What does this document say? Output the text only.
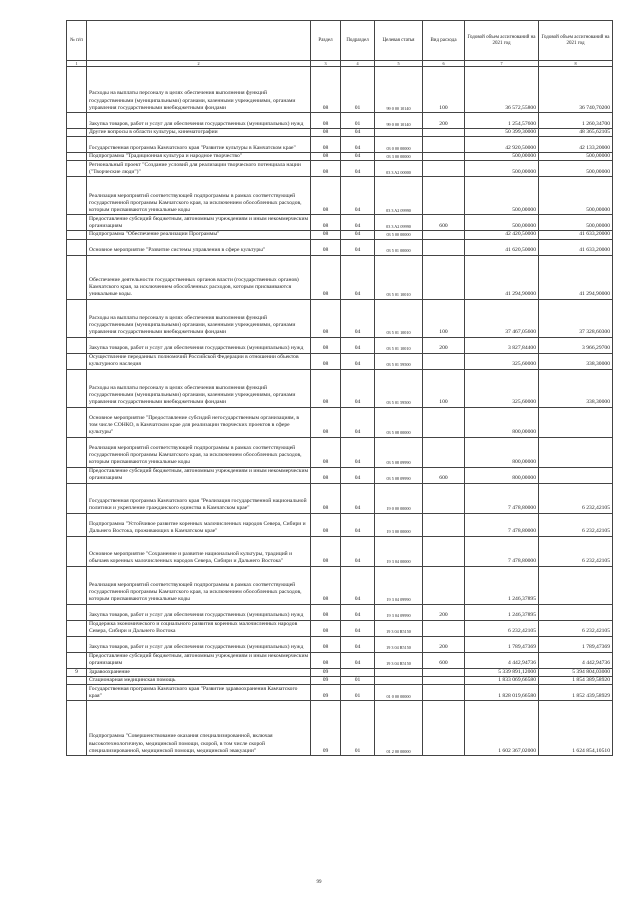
№ п/п		Раздел	Подраздел	Целевая статья	Вид расхода	Годовой объем ассигнований на 2021 год	Годовой объем ассигнований на 2021 год
1	2	3	4	5	6	7	8
	Расходы на выплаты персоналу в целях обеспечения выполнения функций государственными (муниципальными) органами, казенными учреждениями, органами управления государственными внебюджетными фондами	08	01	99 0 00 10140	100	36 572,55800	36 740,70200
	Закупка товаров, работ и услуг для обеспечения государственных (муниципальных) нужд	08	01	99 0 00 10140	200	1 254,57600	1 260,34700
	Другие вопросы в области культуры, кинематографии	08	04			50 399,30000	48 365,62105
	Государственная программа Камчатского края "Развитие культуры в Камчатском крае"	08	04	03 0 00 00000		42 920,50000	42 133,20000
	Подпрограмма "Традиционная культура и народное творчество"	08	04	03 3 00 00000		500,00000	500,00000
	Региональный проект "Создание условий для реализации творческого потенциала нации ("Творческие люди")"	08	04	03 3 A2 00000		500,00000	500,00000
	Реализация мероприятий соответствующей подпрограммы в рамках соответствующей государственной программы Камчатского края, за исключением обособленных расходов, которым присваиваются уникальные коды	08	04	03 3 A2 09990		500,00000	500,00000
	Предоставление субсидий бюджетным, автономным учреждениям и иным некоммерческим организациям	08	04	03 3 A2 09990	600	500,00000	500,00000
	Подпрограмма "Обеспечение реализации Программы"	08	04	03 5 00 00000		42 420,50000	41 633,20000
	Основное мероприятие "Развитие системы управления в сфере культуры"	08	04	03 5 01 00000		41 620,50000	41 633,20000
	Обеспечение деятельности государственных органов власти (государственных органов) Камчатского края, за исключением обособленных расходов, которым присваиваются уникальные коды.	08	04	03 5 01 10010		41 294,90000	41 294,90000
	Расходы на выплаты персоналу в целях обеспечения выполнения функций государственными (муниципальными) органами, казенными учреждениями, органами управления государственными внебюджетными фондами	08	04	03 5 01 10010	100	37 467,05600	37 328,60300
	Закупка товаров, работ и услуг для обеспечения государственных (муниципальных) нужд	08	04	03 5 01 10010	200	3 827,84400	3 966,29700
	Осуществление переданных полномочий Российской Федерации в отношении объектов культурного наследия	08	04	03 5 01 59500		325,60000	338,30000
	Расходы на выплаты персоналу в целях обеспечения выполнения функций государственными (муниципальными) органами, казенными учреждениями, органами управления государственными внебюджетными фондами	08	04	03 5 01 59500	100	325,60000	338,30000
	Основное мероприятие "Предоставление субсидий негосударственным организациям, в том числе СОНКО, в Камчатском крае для реализации творческих проектов в сфере культуры"	08	04	03 5 08 00000		800,00000	
	Реализация мероприятий соответствующей подпрограммы в рамках соответствующей государственной программы Камчатского края, за исключением обособленных расходов, которым присваиваются уникальные коды	08	04	03 5 08 09990		800,00000	
	Предоставление субсидий бюджетным, автономным учреждениям и иным некоммерческим организациям	08	04	03 5 08 09990	600	800,00000	
	Государственная программа Камчатского края "Реализация государственной национальной политики и укрепление гражданского единства в Камчатском крае"	08	04	19 0 00 00000		7 478,80000	6 232,42105
	Подпрограмма "Устойчивое развитие коренных малочисленных народов Севера, Сибири и Дальнего Востока, проживающих в Камчатском крае"	08	04	19 3 00 00000		7 478,80000	6 232,42105
	Основное мероприятие "Сохранение и развитие национальной культуры, традиций и обычаев коренных малочисленных народов Севера, Сибири и Дальнего Востока"	08	04	19 3 04 00000		7 478,80000	6 232,42105
	Реализация мероприятий соответствующей подпрограммы в рамках соответствующей государственной программы Камчатского края, за исключением обособленных расходов, которым присваиваются уникальные коды	08	04	19 3 04 09990		1 246,37895	
	Закупка товаров, работ и услуг для обеспечения государственных (муниципальных) нужд	08	04	19 3 04 09990	200	1 246,37895	
	Поддержка экономического и социального развития коренных малочисленных народов Севера, Сибири и Дальнего Востока	08	04	19 3 04 R5150		6 232,42105	6 232,42105
	Закупка товаров, работ и услуг для обеспечения государственных (муниципальных) нужд	08	04	19 3 04 R5150	200	1 789,47369	1 789,47369
	Предоставление субсидий бюджетным, автономным учреждениям и иным некоммерческим организациям	08	04	19 3 04 R5150	600	4 442,94736	4 442,94736
9	Здравоохранение	09				5 339 891,12000	5 394 804,03000
	Стационарная медицинская помощь	09	01			1 833 069,66580	1 854 389,58920
	Государственная программа Камчатского края "Развитие здравоохранения Камчатского края"	09	01	01 0 00 00000		1 828 019,66580	1 852 439,58929
	Подпрограмма "Совершенствование оказания специализированной, включая высокотехнологичную, медицинской помощи, скорой, в том числе скорой специализированной, медицинской помощи, медицинской эвакуации"	09	01	01 2 00 00000		1 602 367,02000	1 624 854,10510
99
